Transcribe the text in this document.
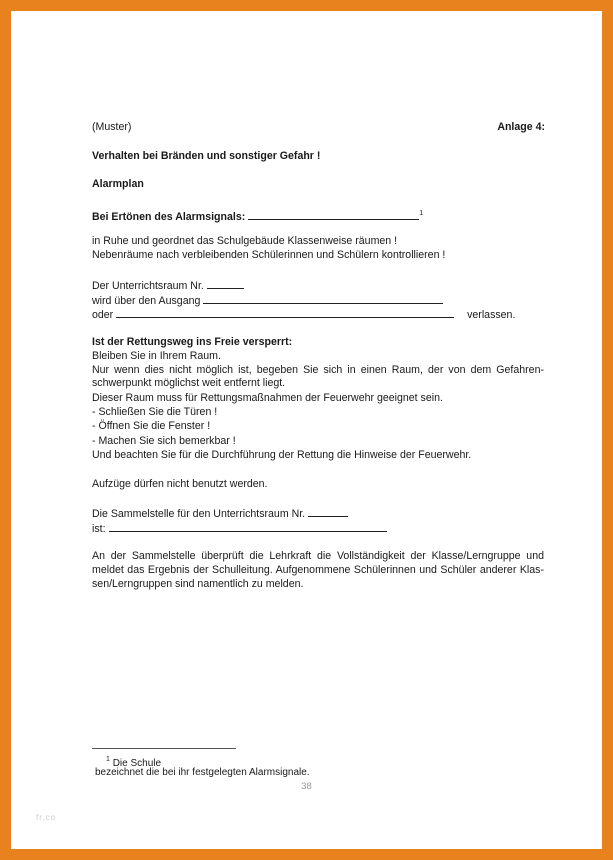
(Muster)	Anlage 4:
Verhalten bei Bränden und sonstiger Gefahr !
Alarmplan
Bei Ertönen des Alarmsignals:	$^1$
in Ruhe und geordnet das Schulgebäude Klassenweise räumen !
Nebenräume nach verbleibenden Schülerinnen und Schülern kontrollieren !
Der Unterrichtsraum Nr.
wird über den Ausgang
oder	verlassen.
Ist der Rettungsweg ins Freie versperrt:
Bleiben Sie in Ihrem Raum.
Nur wenn dies nicht möglich ist, begeben Sie sich in einen Raum, der von dem Gefahren-
schwerpunkt möglichst weit entfernt liegt.
Dieser Raum muss für Rettungsmaßnahmen der Feuerwehr geeignet sein.
- Schließen Sie die Türen !
- Öffnen Sie die Fenster !
- Machen Sie sich bemerkbar !
Und beachten Sie für die Durchführung der Rettung die Hinweise der Feuerwehr.
Aufzüge dürfen nicht benutzt werden.
Die Sammelstelle für den Unterrichtsraum Nr.
ist:
An der Sammelstelle überprüft die Lehrkraft die Vollständigkeit der Klasse/Lerngruppe und
meldet das Ergebnis der Schulleitung. Aufgenommene Schülerinnen und Schüler anderer Klas-
sen/Lerngruppen sind namentlich zu melden.
$^1$ Die Schule
bezeichnet die bei ihr festgelegten Alarmsignale.
38
fr.co
